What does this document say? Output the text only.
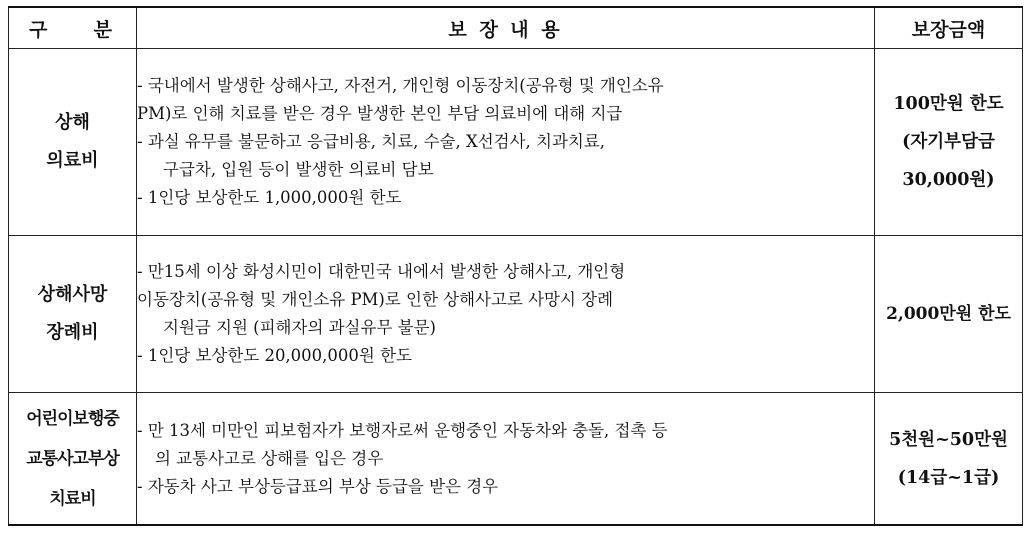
구 분	보 장 내 용	보장금액

상해
의료비	- 국내에서 발생한 상해사고, 자전거, 개인형 이동장치(공유형 및 개인소유
PM)로 인해 치료를 받은 경우 발생한 본인 부담 의료비에 대해 지급
- 과실 유무를 불문하고 응급비용, 치료, 수술, X선검사, 치과치료,
구급차, 입원 등이 발생한 의료비 담보
- 1인당 보상한도 1,000,000원 한도	100만원 한도
(자기부담금
30,000원)

상해사망
장례비	- 만15세 이상 화성시민이 대한민국 내에서 발생한 상해사고, 개인형
이동장치(공유형 및 개인소유 PM)로 인한 상해사고로 사망시 장례
지원금 지원 (피해자의 과실유무 불문)
- 1인당 보상한도 20,000,000원 한도	2,000만원 한도

어린이보행중
교통사고부상
치료비	- 만 13세 미만인 피보험자가 보행자로써 운행중인 자동차와 충돌, 접촉 등
의 교통사고로 상해를 입은 경우
- 자동차 사고 부상등급표의 부상 등급을 받은 경우	5천원~50만원
(14급~1급)
